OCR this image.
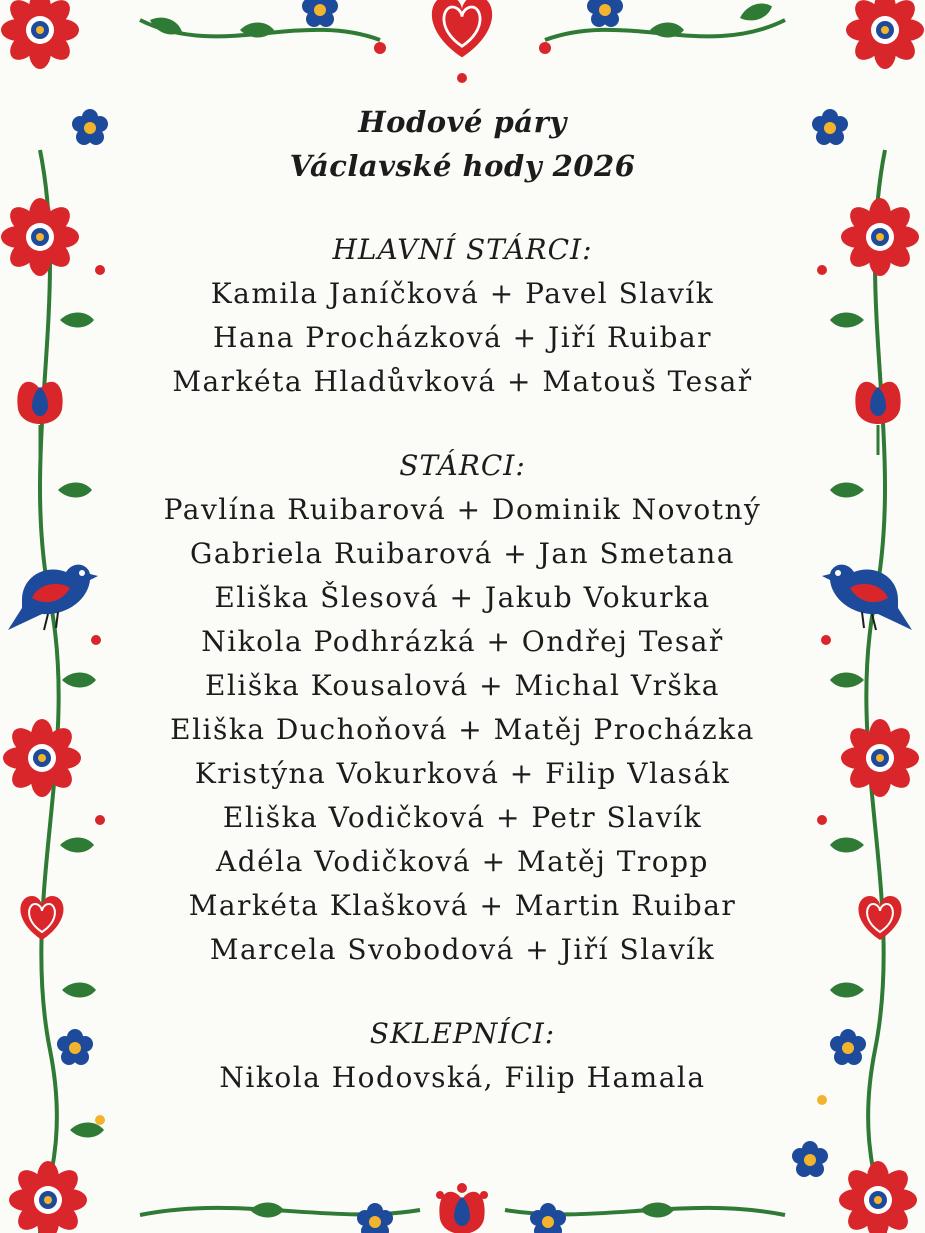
Hodové páry

Václavské hody 2026

HLAVNÍ STÁRCI:

Kamila Janíčková + Pavel Slavík

Hana Procházková + Jiří Ruibar

Markéta Hladůvková + Matouš Tesař

STÁRCI:

Pavlína Ruibarová + Dominik Novotný

Gabriela Ruibarová + Jan Smetana

Eliška Šlesová + Jakub Vokurka

Nikola Podhrázká + Ondřej Tesař

Eliška Kousalová + Michal Vrška

Eliška Duchoňová + Matěj Procházka

Kristýna Vokurková + Filip Vlasák

Eliška Vodičková + Petr Slavík

Adéla Vodičková + Matěj Tropp

Markéta Klašková + Martin Ruibar

Marcela Svobodová + Jiří Slavík

SKLEPNÍCI:

Nikola Hodovská, Filip Hamala
